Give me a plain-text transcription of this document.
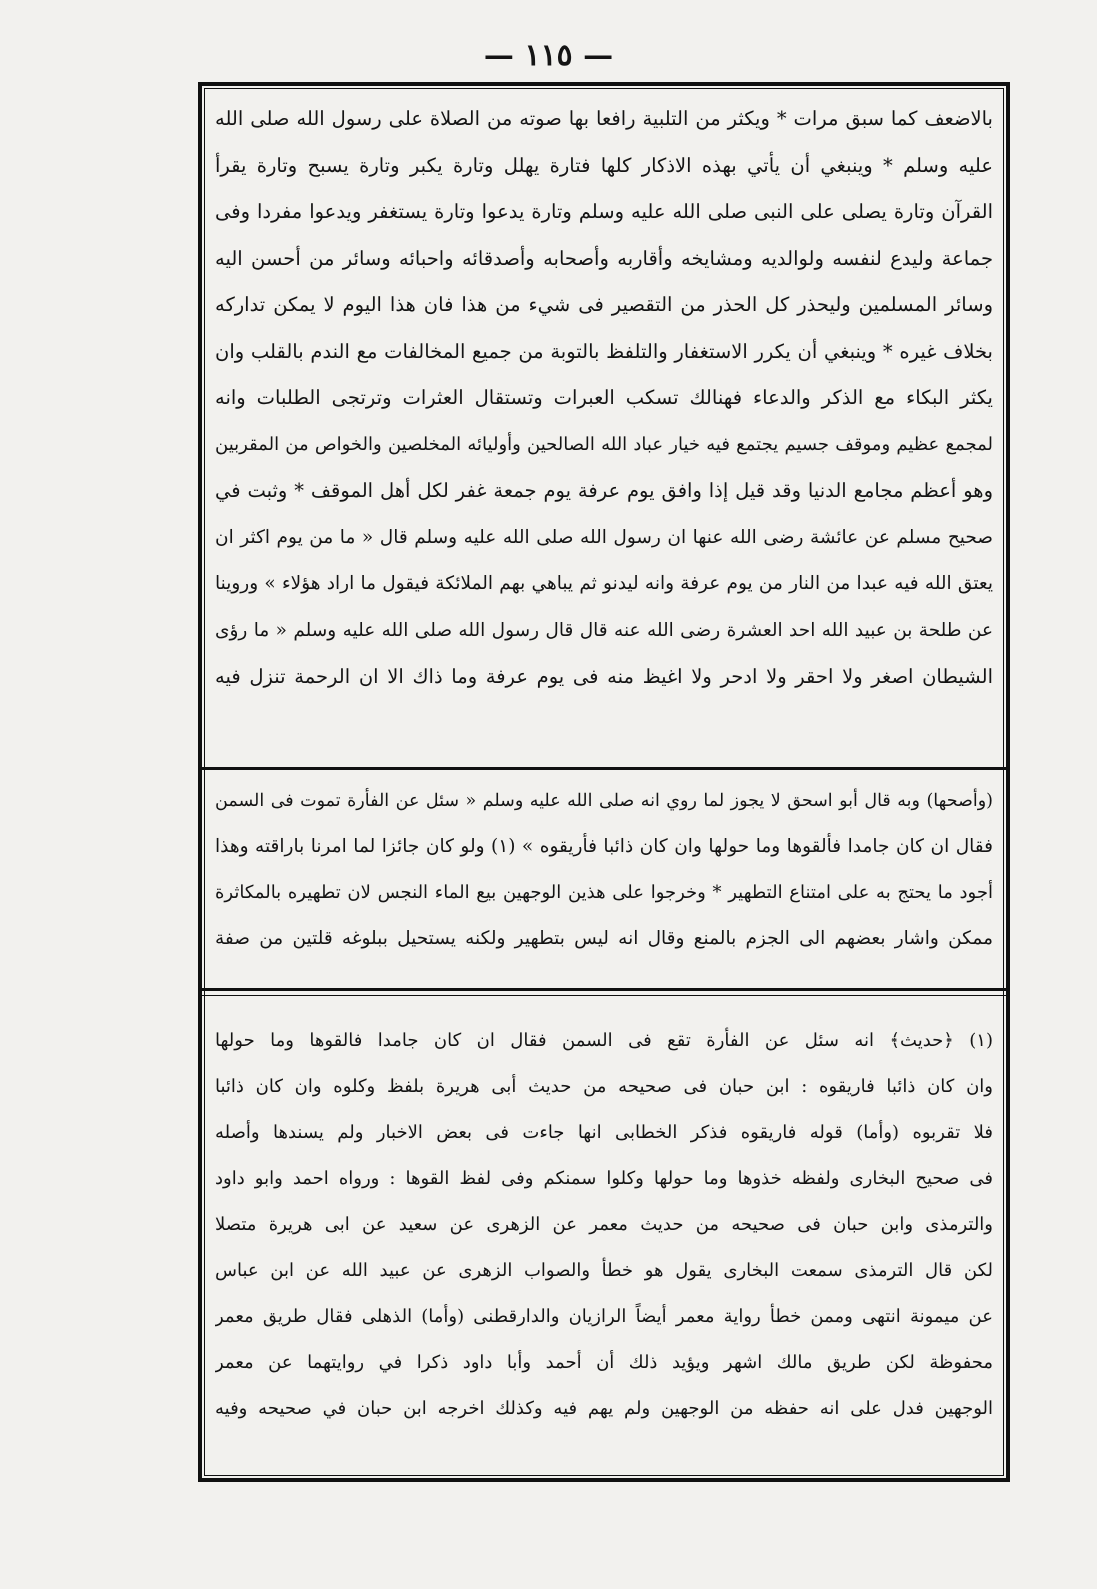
— ١١٥ —
بالاضعف كما سبق مرات * ويكثر من التلبية رافعا بها صوته من الصلاة على رسول الله صلى الله
عليه وسلم * وينبغي أن يأتي بهذه الاذكار كلها فتارة يهلل وتارة يكبر وتارة يسبح وتارة يقرأ
القرآن وتارة يصلى على النبى صلى الله عليه وسلم وتارة يدعوا وتارة يستغفر ويدعوا مفردا وفى
جماعة وليدع لنفسه ولوالديه ومشايخه وأقاربه وأصحابه وأصدقائه واحبائه وسائر من أحسن اليه
وسائر المسلمين وليحذر كل الحذر من التقصير فى شيء من هذا فان هذا اليوم لا يمكن تداركه
بخلاف غيره * وينبغي أن يكرر الاستغفار والتلفظ بالتوبة من جميع المخالفات مع الندم بالقلب وان
يكثر البكاء مع الذكر والدعاء فهنالك تسكب العبرات وتستقال العثرات وترتجى الطلبات وانه
لمجمع عظيم وموقف جسيم يجتمع فيه خيار عباد الله الصالحين وأوليائه المخلصين والخواص من المقربين
وهو أعظم مجامع الدنيا وقد قيل إذا وافق يوم عرفة يوم جمعة غفر لكل أهل الموقف * وثبت في
صحيح مسلم عن عائشة رضى الله عنها ان رسول الله صلى الله عليه وسلم قال « ما من يوم اكثر ان
يعتق الله فيه عبدا من النار من يوم عرفة وانه ليدنو ثم يباهي بهم الملائكة فيقول ما اراد هؤلاء » وروينا
عن طلحة بن عبيد الله احد العشرة رضى الله عنه قال قال رسول الله صلى الله عليه وسلم « ما رؤى
الشيطان اصغر ولا احقر ولا ادحر ولا اغيظ منه فى يوم عرفة وما ذاك الا ان الرحمة تنزل فيه
(وأصحها) وبه قال أبو اسحق لا يجوز لما روي انه صلى الله عليه وسلم « سئل عن الفأرة تموت فى السمن
فقال ان كان جامدا فألقوها وما حولها وان كان ذائبا فأريقوه » (١) ولو كان جائزا لما امرنا باراقته وهذا
أجود ما يحتج به على امتناع التطهير * وخرجوا على هذين الوجهين بيع الماء النجس لان تطهيره بالمكاثرة
ممكن واشار بعضهم الى الجزم بالمنع وقال انه ليس بتطهير ولكنه يستحيل ببلوغه قلتين من صفة
(١) ﴿حديث﴾ انه سئل عن الفأرة تقع فى السمن فقال ان كان جامدا فالقوها وما حولها
وان كان ذائبا فاريقوه : ابن حبان فى صحيحه من حديث أبى هريرة بلفظ وكلوه وان كان ذائبا
فلا تقربوه (وأما) قوله فاريقوه فذكر الخطابى انها جاءت فى بعض الاخبار ولم يسندها وأصله
فى صحيح البخارى ولفظه خذوها وما حولها وكلوا سمنكم وفى لفظ القوها : ورواه احمد وابو داود
والترمذى وابن حبان فى صحيحه من حديث معمر عن الزهرى عن سعيد عن ابى هريرة متصلا
لكن قال الترمذى سمعت البخارى يقول هو خطأ والصواب الزهرى عن عبيد الله عن ابن عباس
عن ميمونة انتهى وممن خطأ رواية معمر أيضاً الرازيان والدارقطنى (وأما) الذهلى فقال طريق معمر
محفوظة لكن طريق مالك اشهر ويؤيد ذلك أن أحمد وأبا داود ذكرا في روايتهما عن معمر
الوجهين فدل على انه حفظه من الوجهين ولم يهم فيه وكذلك اخرجه ابن حبان في صحيحه وفيه
